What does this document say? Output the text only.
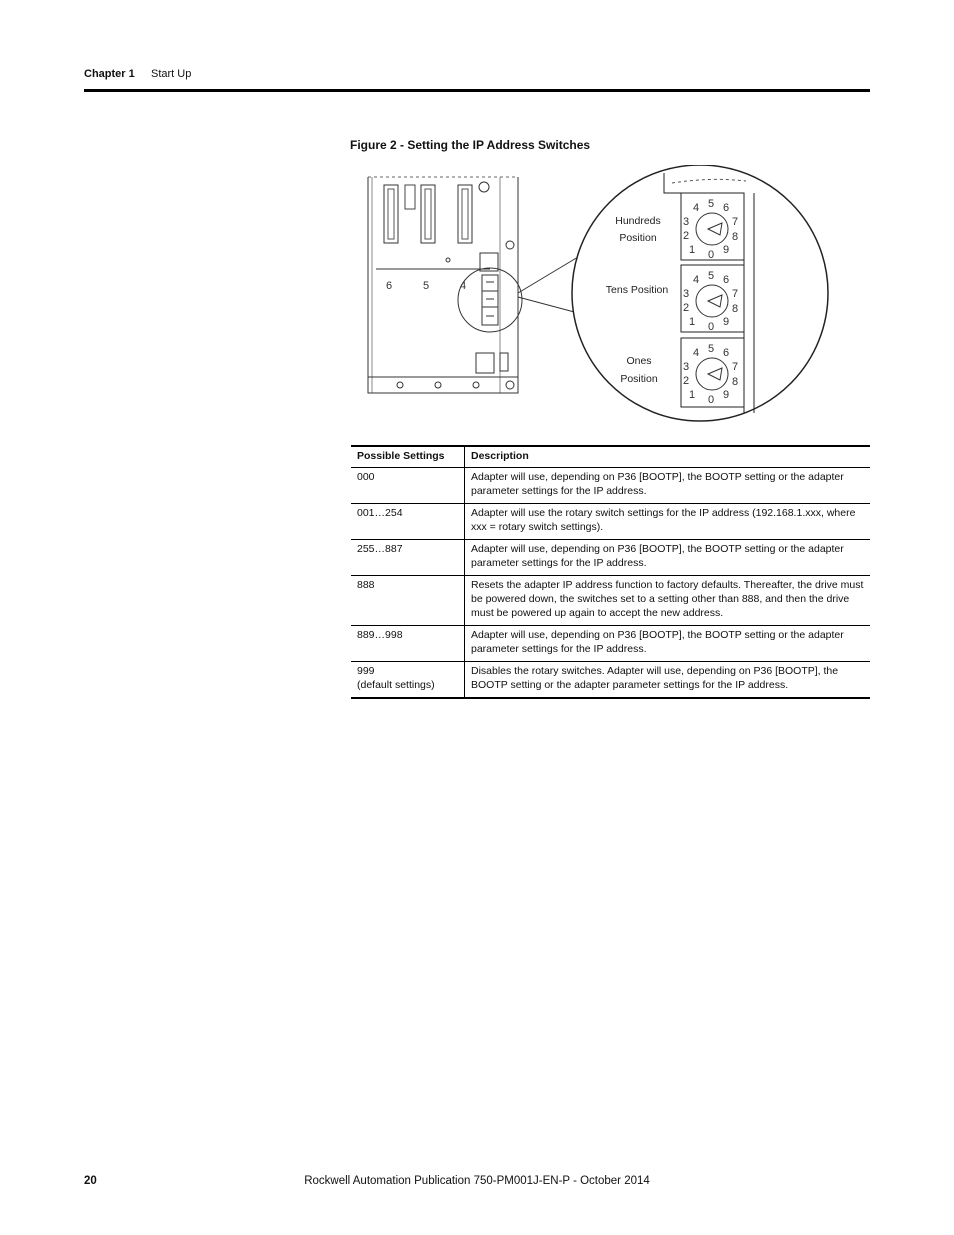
Chapter 1 Start Up
Figure 2 - Setting the IP Address Switches
6	5	4
0
1
2
3
4 5 6
7
8
9
0
1
2
3
4 5 6
7
8
9
0
1
2
3
4 5 6
7
8
9
Hundreds
Position
Tens Position
Ones
Position
Possible Settings	Description
000	Adapter will use, depending on P36 [BOOTP], the BOOTP setting or the adapter parameter settings for the IP address.
001…254	Adapter will use the rotary switch settings for the IP address (192.168.1.xxx, where xxx = rotary switch settings).
255…887	Adapter will use, depending on P36 [BOOTP], the BOOTP setting or the adapter parameter settings for the IP address.
888	Resets the adapter IP address function to factory defaults. Thereafter, the drive must be powered down, the switches set to a setting other than 888, and then the drive must be powered up again to accept the new address.
889…998	Adapter will use, depending on P36 [BOOTP], the BOOTP setting or the adapter parameter settings for the IP address.

999
(default settings)	Disables the rotary switches. Adapter will use, depending on P36 [BOOTP], the BOOTP setting or the adapter parameter settings for the IP address.
20	Rockwell Automation Publication 750-PM001J-EN-P - October 2014
